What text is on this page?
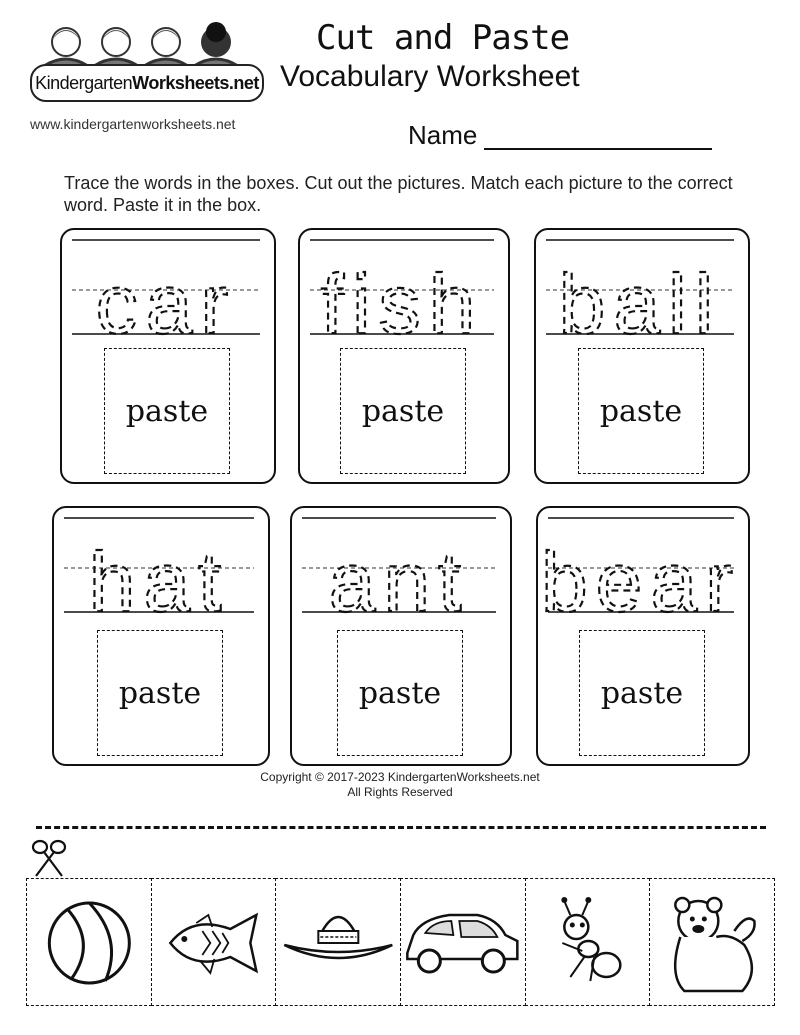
Kindergarten Worksheets.net
www.kindergartenworksheets.net
Cut and Paste
Vocabulary Worksheet
Name
Trace the words in the boxes. Cut out the pictures. Match each picture to the correct word. Paste it in the box.
car
paste
fish
paste
ball
paste
hat
paste
ant
paste
bear
paste
Copyright © 2017-2023 KindergartenWorksheets.net
All Rights Reserved
